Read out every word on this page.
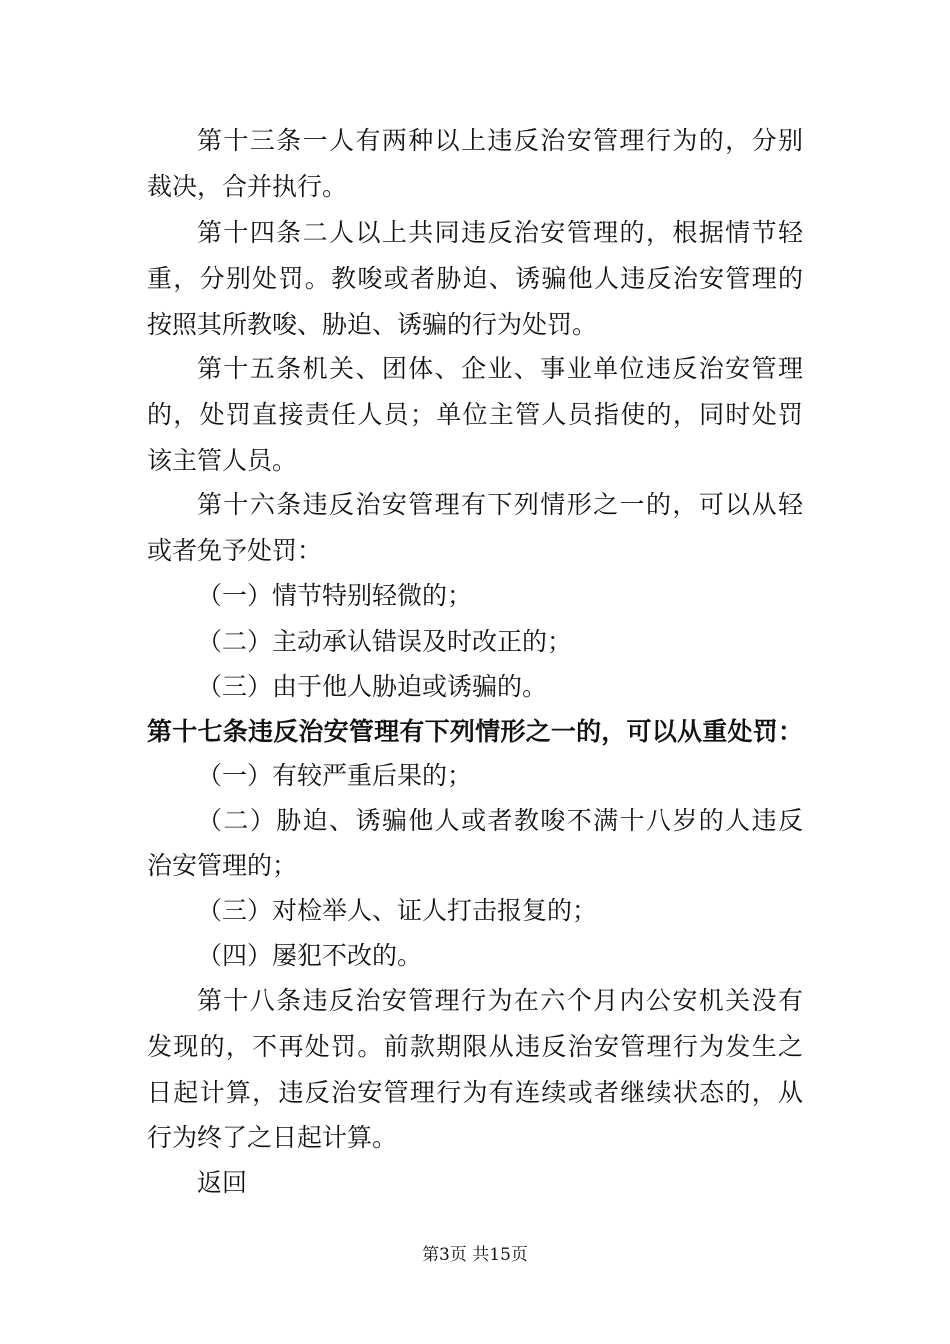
第十三条一人有两种以上违反治安管理行为的，分别
裁决，合并执行。
第十四条二人以上共同违反治安管理的，根据情节轻
重，分别处罚。教唆或者胁迫、诱骗他人违反治安管理的
按照其所教唆、胁迫、诱骗的行为处罚。
第十五条机关、团体、企业、事业单位违反治安管理
的，处罚直接责任人员；单位主管人员指使的，同时处罚
该主管人员。
第十六条违反治安管理有下列情形之一的，可以从轻
或者免予处罚：
（一）情节特别轻微的；
（二）主动承认错误及时改正的；
（三）由于他人胁迫或诱骗的。
第十七条违反治安管理有下列情形之一的，可以从重处罚：
（一）有较严重后果的；
（二）胁迫、诱骗他人或者教唆不满十八岁的人违反
治安管理的；
（三）对检举人、证人打击报复的；
（四）屡犯不改的。
第十八条违反治安管理行为在六个月内公安机关没有
发现的，不再处罚。前款期限从违反治安管理行为发生之
日起计算，违反治安管理行为有连续或者继续状态的，从
行为终了之日起计算。
返回
第3页 共15页
